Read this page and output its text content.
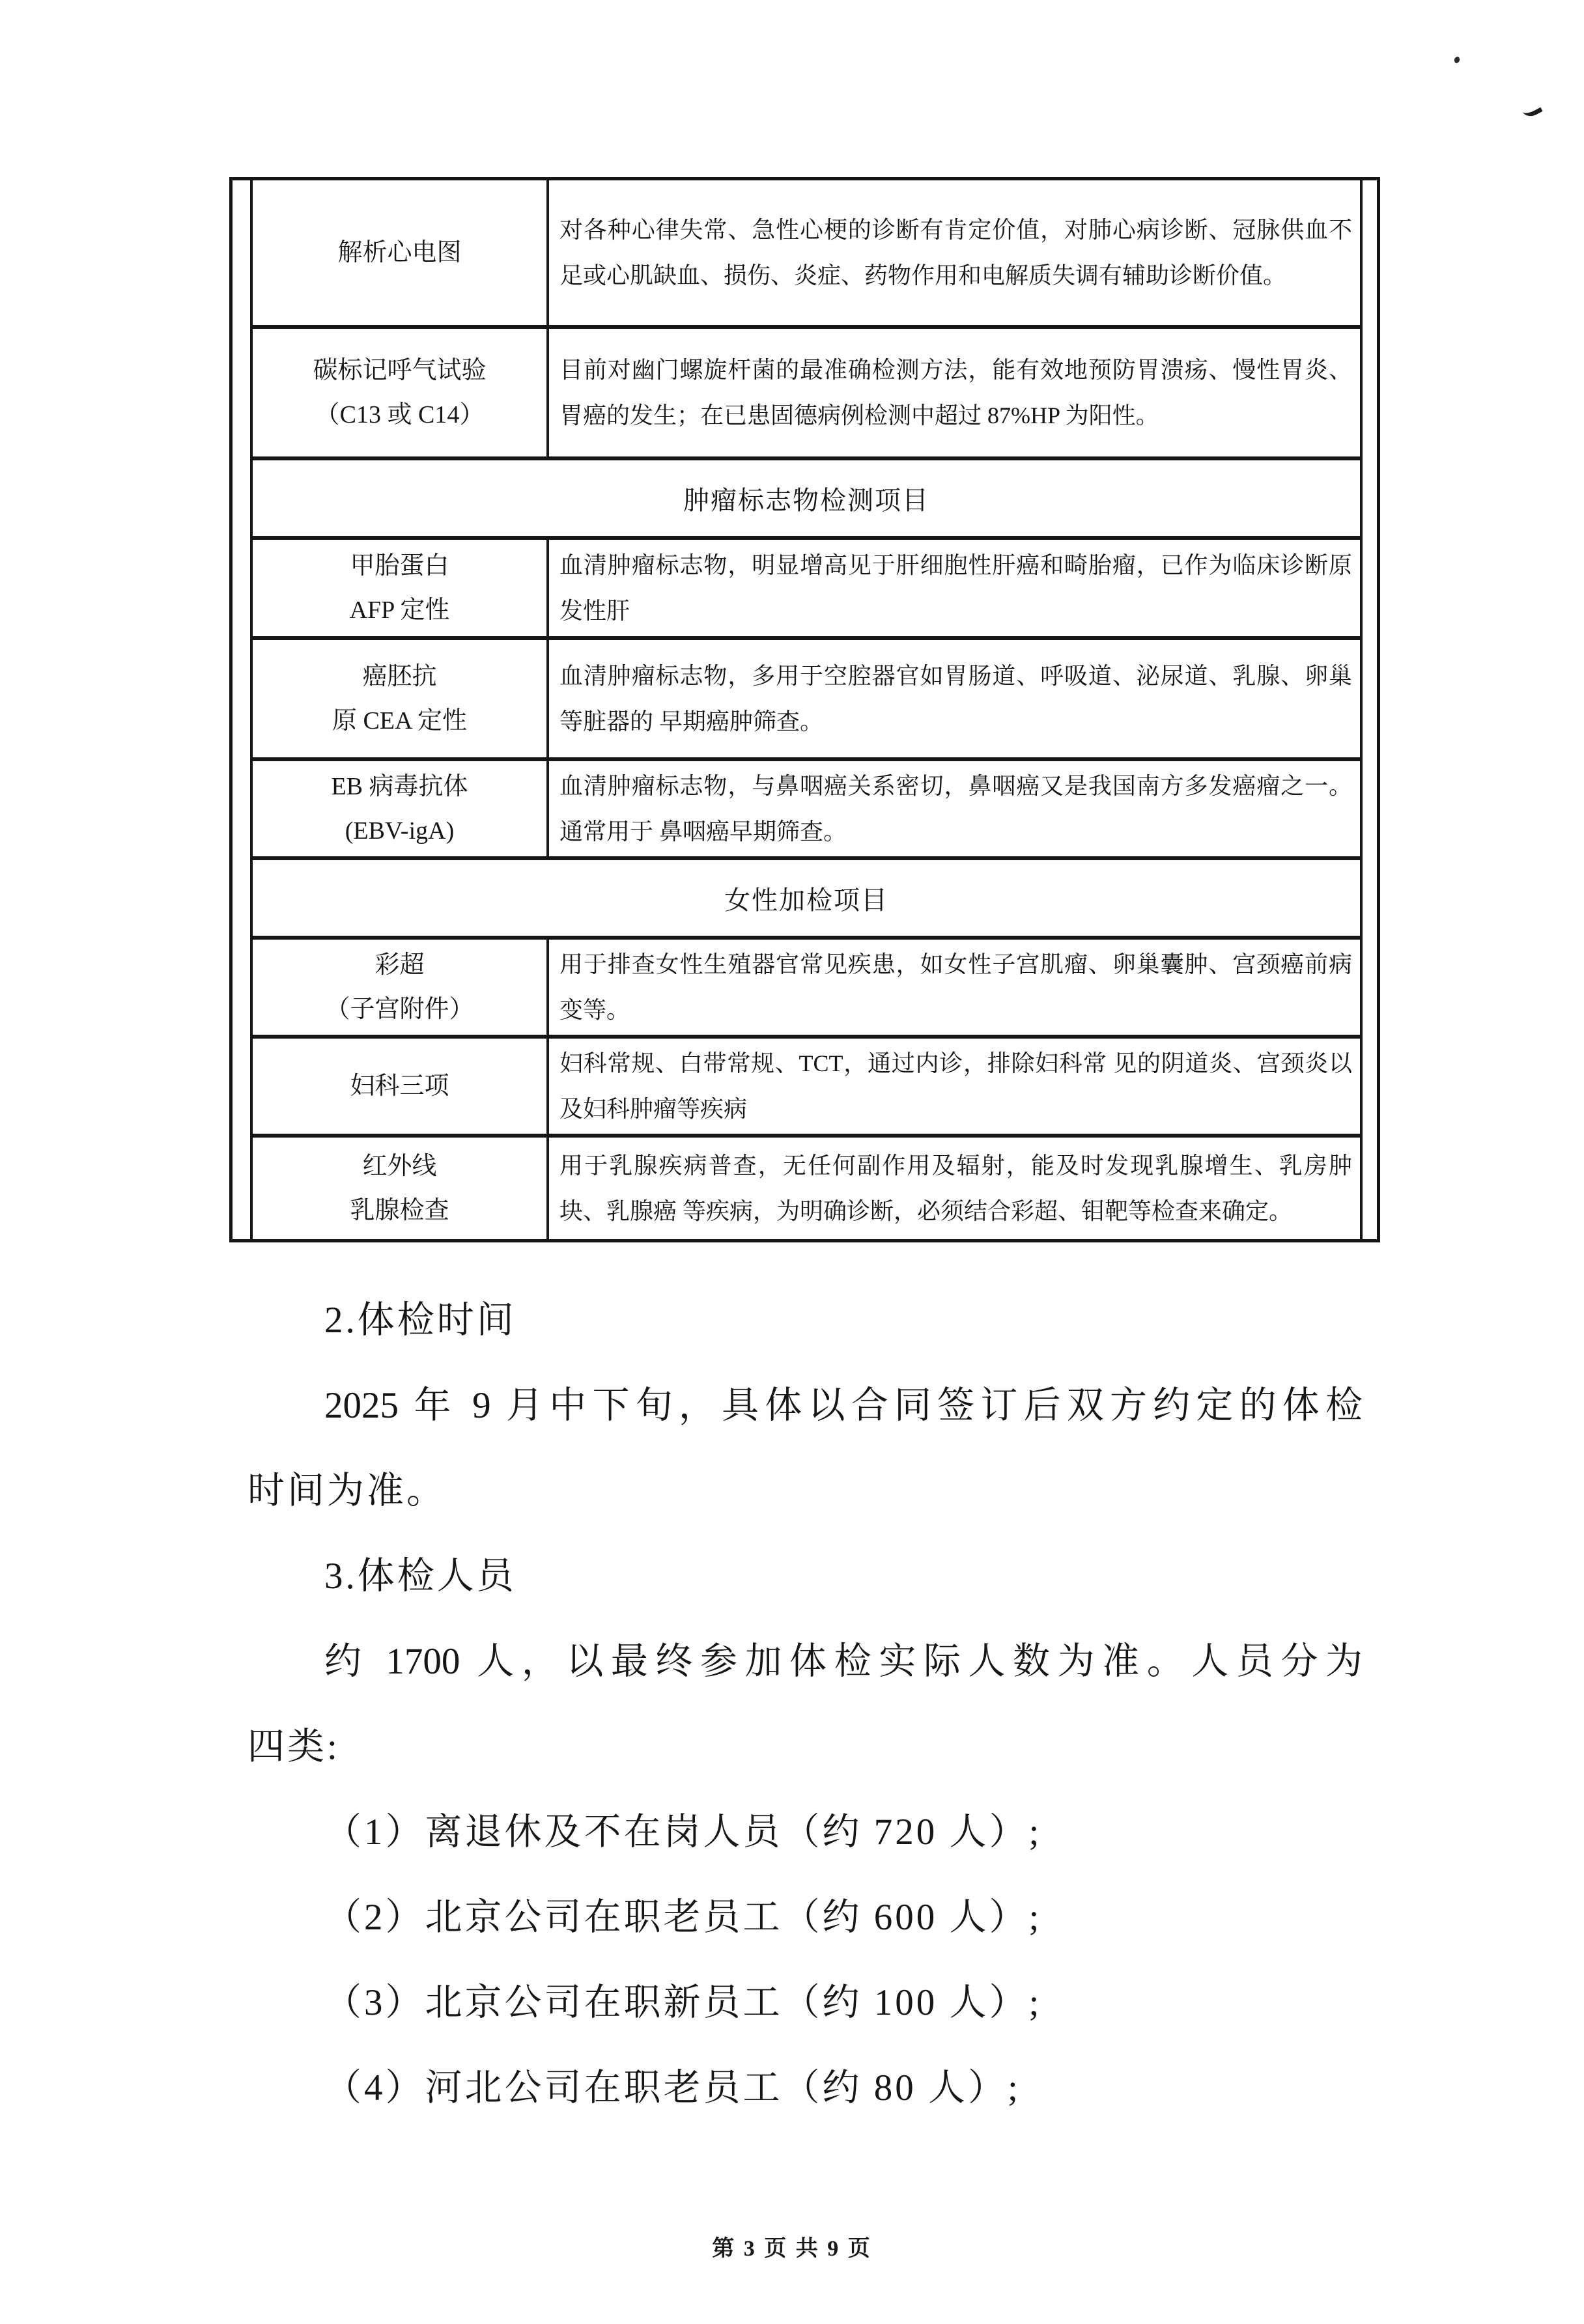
解析心电图
对各种心律失常、急性心梗的诊断有肯定价值，对肺心病诊断、冠脉供血不足或心肌缺血、损伤、炎症、药物作用和电解质失调有辅助诊断价值。
碳标记呼气试验
（C13 或 C14）
目前对幽门螺旋杆菌的最准确检测方法，能有效地预防胃溃疡、慢性胃炎、胃癌的发生；在已患固德病例检测中超过 87%HP 为阳性。
肿瘤标志物检测项目
甲胎蛋白
AFP 定性
血清肿瘤标志物，明显增高见于肝细胞性肝癌和畸胎瘤，已作为临床诊断原发性肝
癌胚抗
原 CEA 定性
血清肿瘤标志物，多用于空腔器官如胃肠道、呼吸道、泌尿道、乳腺、卵巢等脏器的 早期癌肿筛查。
EB 病毒抗体
(EBV-igA)
血清肿瘤标志物，与鼻咽癌关系密切，鼻咽癌又是我国南方多发癌瘤之一。通常用于 鼻咽癌早期筛查。
女性加检项目
彩超
（子宫附件）
用于排查女性生殖器官常见疾患，如女性子宫肌瘤、卵巢囊肿、宫颈癌前病变等。
妇科三项
妇科常规、白带常规、TCT，通过内诊，排除妇科常 见的阴道炎、宫颈炎以及妇科肿瘤等疾病
红外线
乳腺检查
用于乳腺疾病普查，无任何副作用及辐射，能及时发现乳腺增生、乳房肿块、乳腺癌 等疾病，为明确诊断，必须结合彩超、钼靶等检查来确定。
2.体检时间
2025 年 9 月中下旬，具体以合同签订后双方约定的体检
时间为准。
3.体检人员
约 1700 人，以最终参加体检实际人数为准。人员分为
四类:
（1）离退休及不在岗人员（约 720 人）;
（2）北京公司在职老员工（约 600 人）;
（3）北京公司在职新员工（约 100 人）;
（4）河北公司在职老员工（约 80 人）;
第 3 页 共 9 页
